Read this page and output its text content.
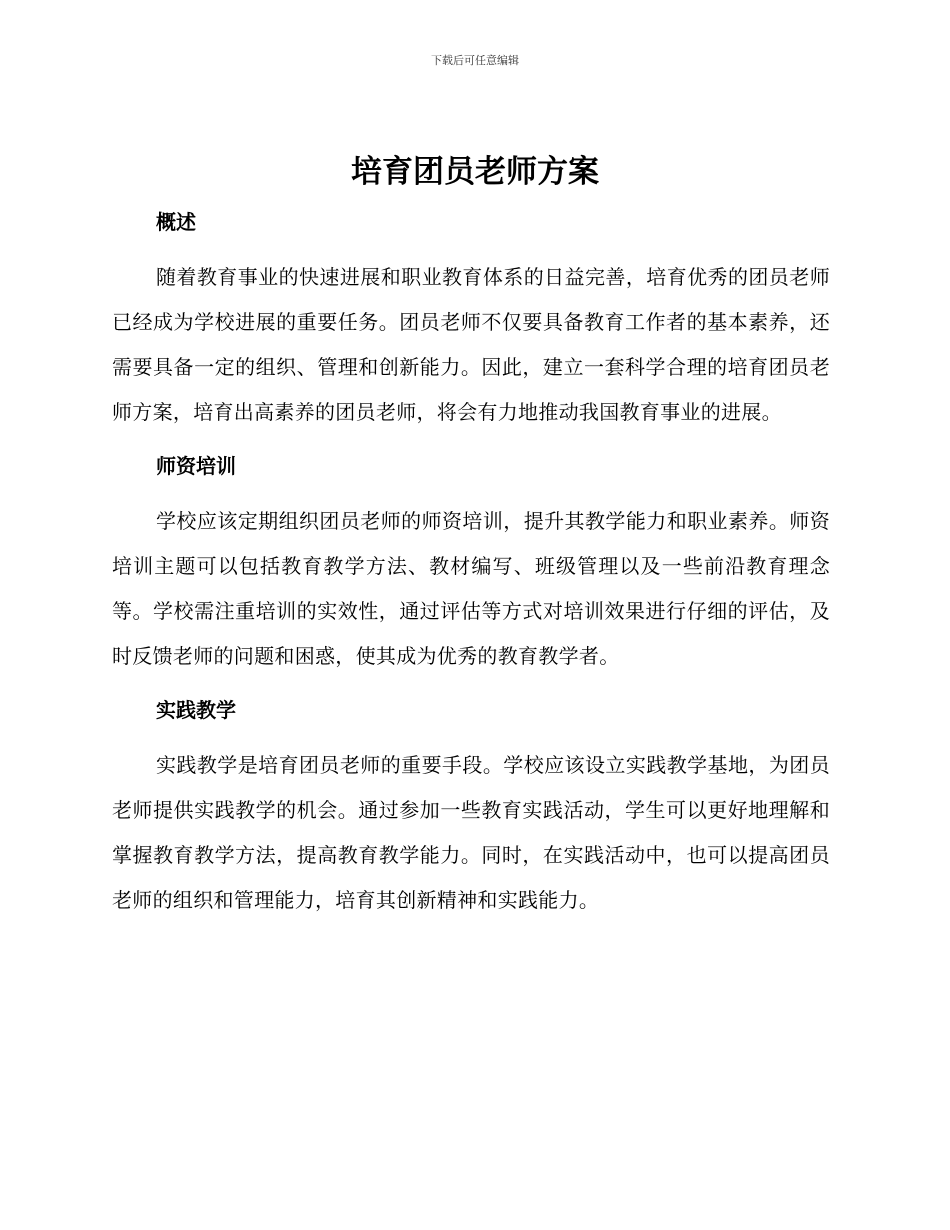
下载后可任意编辑
培育团员老师方案
概述

随着教育事业的快速进展和职业教育体系的日益完善，培育优秀的团员老师已经成为学校进展的重要任务。团员老师不仅要具备教育工作者的基本素养，还需要具备一定的组织、管理和创新能力。因此，建立一套科学合理的培育团员老师方案，培育出高素养的团员老师，将会有力地推动我国教育事业的进展。

师资培训

学校应该定期组织团员老师的师资培训，提升其教学能力和职业素养。师资培训主题可以包括教育教学方法、教材编写、班级管理以及一些前沿教育理念等。学校需注重培训的实效性，通过评估等方式对培训效果进行仔细的评估，及时反馈老师的问题和困惑，使其成为优秀的教育教学者。

实践教学

实践教学是培育团员老师的重要手段。学校应该设立实践教学基地，为团员老师提供实践教学的机会。通过参加一些教育实践活动，学生可以更好地理解和掌握教育教学方法，提高教育教学能力。同时，在实践活动中，也可以提高团员老师的组织和管理能力，培育其创新精神和实践能力。
